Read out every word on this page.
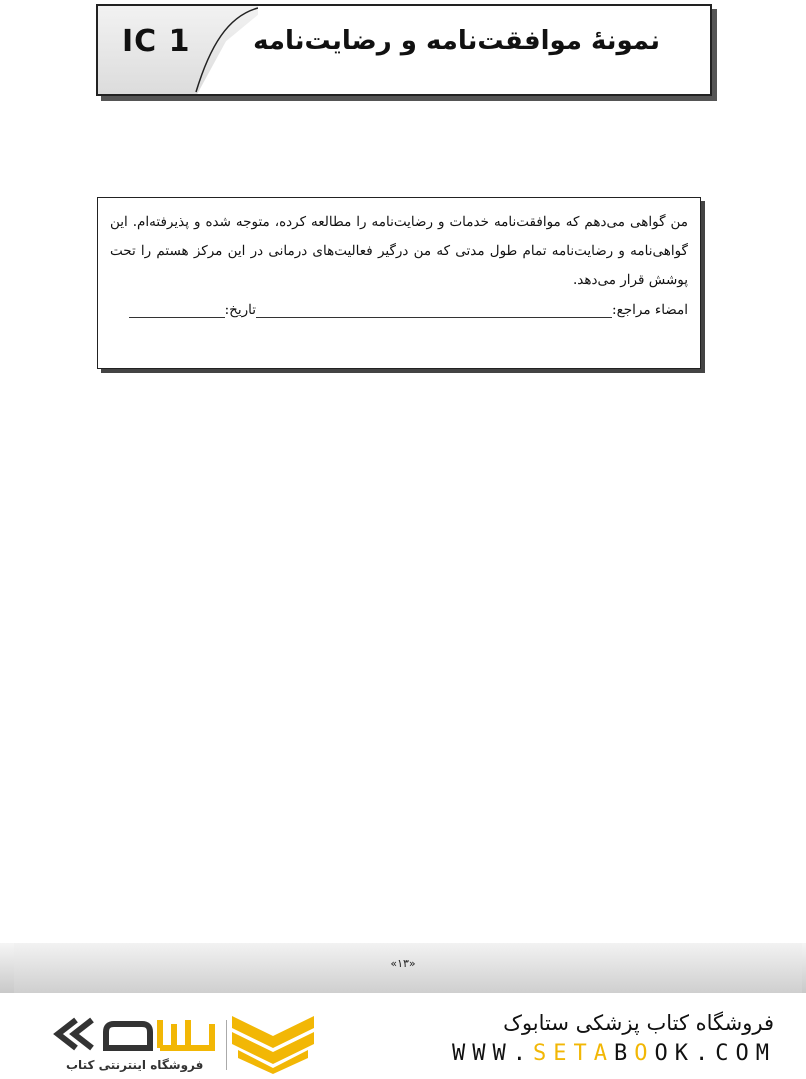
IC 1 نمونۀ موافقت‌نامه و رضایت‌نامه

من گواهی می‌دهم که موافقت‌نامه خدمات و رضایت‌نامه را مطالعه کرده، متوجه شده و پذیرفته‌ام. این گواهی‌نامه و رضایت‌نامه تمام طول مدتی که من درگیر فعالیت‌های درمانی در این مرکز هستم را تحت پوشش قرار می‌دهد.

امضاء مراجع:
تاریخ:
«۱۳»
فروشگاه کتاب پزشکی ستابوک
WWW.SETABOOK.COM
فروشگاه اینترنتی کتاب
